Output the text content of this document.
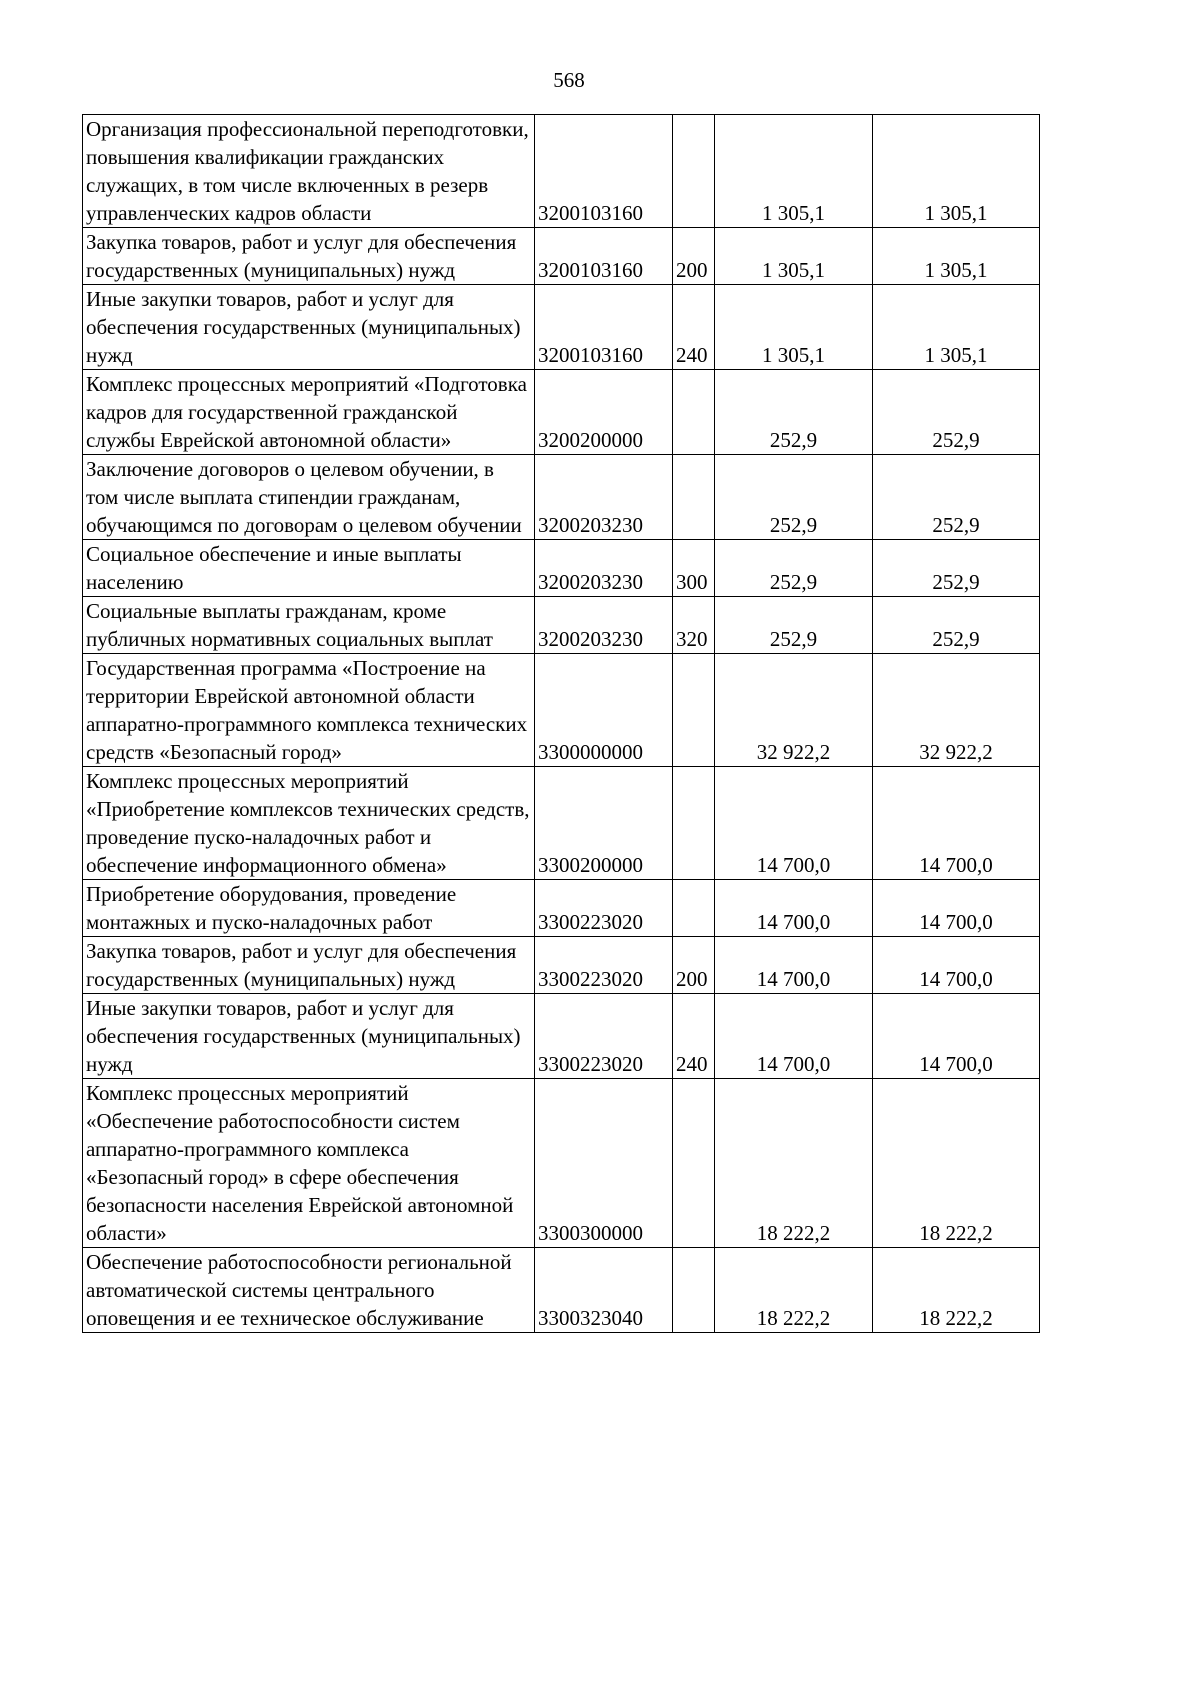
568
Организация профессиональной переподготовки, повышения квалификации гражданских служащих, в том числе включенных в резерв управленческих кадров области	3200103160		1 305,1	1 305,1
Закупка товаров, работ и услуг для обеспечения государственных (муниципальных) нужд	3200103160	200	1 305,1	1 305,1
Иные закупки товаров, работ и услуг для обеспечения государственных (муниципальных) нужд	3200103160	240	1 305,1	1 305,1
Комплекс процессных мероприятий «Подготовка кадров для государственной гражданской службы Еврейской автономной области»	3200200000		252,9	252,9
Заключение договоров о целевом обучении, в том числе выплата стипендии гражданам, обучающимся по договорам о целевом обучении	3200203230		252,9	252,9
Социальное обеспечение и иные выплаты населению	3200203230	300	252,9	252,9
Социальные выплаты гражданам, кроме публичных нормативных социальных выплат	3200203230	320	252,9	252,9
Государственная программа «Построение на территории Еврейской автономной области аппаратно-программного комплекса технических средств «Безопасный город»	3300000000		32 922,2	32 922,2
Комплекс процессных мероприятий «Приобретение комплексов технических средств, проведение пуско-наладочных работ и обеспечение информационного обмена»	3300200000		14 700,0	14 700,0
Приобретение оборудования, проведение монтажных и пуско-наладочных работ	3300223020		14 700,0	14 700,0
Закупка товаров, работ и услуг для обеспечения государственных (муниципальных) нужд	3300223020	200	14 700,0	14 700,0
Иные закупки товаров, работ и услуг для обеспечения государственных (муниципальных) нужд	3300223020	240	14 700,0	14 700,0
Комплекс процессных мероприятий «Обеспечение работоспособности систем аппаратно-программного комплекса «Безопасный город» в сфере обеспечения безопасности населения Еврейской автономной области»	3300300000		18 222,2	18 222,2
Обеспечение работоспособности региональной автоматической системы центрального оповещения и ее техническое обслуживание	3300323040		18 222,2	18 222,2
